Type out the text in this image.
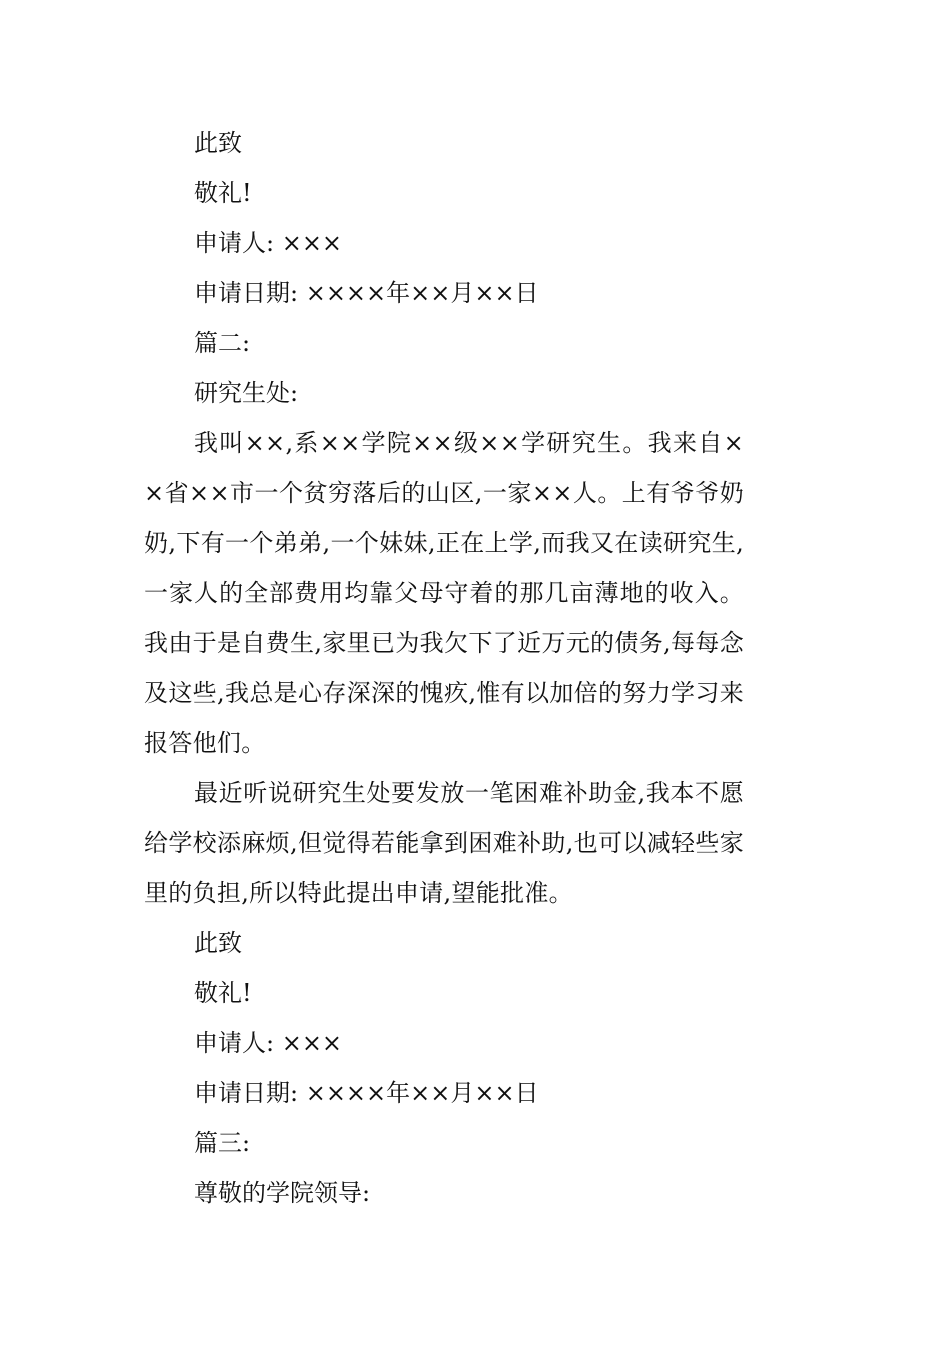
此致
敬礼!
申请人: ×××
申请日期: ××××年××月××日
篇二:
研究生处:
我叫××,系××学院××级××学研究生。我来自××省××市一个贫穷落后的山区,一家××人。上有爷爷奶奶,下有一个弟弟,一个妹妹,正在上学,而我又在读研究生,一家人的全部费用均靠父母守着的那几亩薄地的收入。我由于是自费生,家里已为我欠下了近万元的债务,每每念及这些,我总是心存深深的愧疚,惟有以加倍的努力学习来报答他们。
最近听说研究生处要发放一笔困难补助金,我本不愿给学校添麻烦,但觉得若能拿到困难补助,也可以减轻些家里的负担,所以特此提出申请,望能批准。
此致
敬礼!
申请人: ×××
申请日期: ××××年××月××日
篇三:
尊敬的学院领导:
